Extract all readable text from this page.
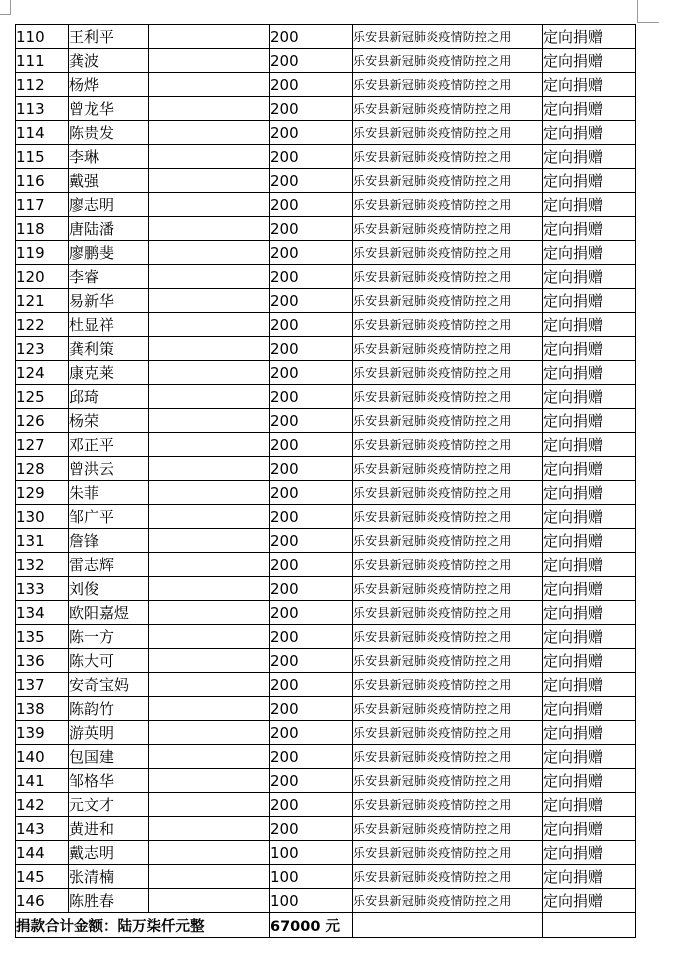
110	王利平		200	乐安县新冠肺炎疫情防控之用	定向捐赠
111	龚波		200	乐安县新冠肺炎疫情防控之用	定向捐赠
112	杨烨		200	乐安县新冠肺炎疫情防控之用	定向捐赠
113	曾龙华		200	乐安县新冠肺炎疫情防控之用	定向捐赠
114	陈贵发		200	乐安县新冠肺炎疫情防控之用	定向捐赠
115	李琳		200	乐安县新冠肺炎疫情防控之用	定向捐赠
116	戴强		200	乐安县新冠肺炎疫情防控之用	定向捐赠
117	廖志明		200	乐安县新冠肺炎疫情防控之用	定向捐赠
118	唐陆潘		200	乐安县新冠肺炎疫情防控之用	定向捐赠
119	廖鹏斐		200	乐安县新冠肺炎疫情防控之用	定向捐赠
120	李睿		200	乐安县新冠肺炎疫情防控之用	定向捐赠
121	易新华		200	乐安县新冠肺炎疫情防控之用	定向捐赠
122	杜显祥		200	乐安县新冠肺炎疫情防控之用	定向捐赠
123	龚利策		200	乐安县新冠肺炎疫情防控之用	定向捐赠
124	康克莱		200	乐安县新冠肺炎疫情防控之用	定向捐赠
125	邱琦		200	乐安县新冠肺炎疫情防控之用	定向捐赠
126	杨荣		200	乐安县新冠肺炎疫情防控之用	定向捐赠
127	邓正平		200	乐安县新冠肺炎疫情防控之用	定向捐赠
128	曾洪云		200	乐安县新冠肺炎疫情防控之用	定向捐赠
129	朱菲		200	乐安县新冠肺炎疫情防控之用	定向捐赠
130	邹广平		200	乐安县新冠肺炎疫情防控之用	定向捐赠
131	詹锋		200	乐安县新冠肺炎疫情防控之用	定向捐赠
132	雷志辉		200	乐安县新冠肺炎疫情防控之用	定向捐赠
133	刘俊		200	乐安县新冠肺炎疫情防控之用	定向捐赠
134	欧阳嘉煜		200	乐安县新冠肺炎疫情防控之用	定向捐赠
135	陈一方		200	乐安县新冠肺炎疫情防控之用	定向捐赠
136	陈大可		200	乐安县新冠肺炎疫情防控之用	定向捐赠
137	安奇宝妈		200	乐安县新冠肺炎疫情防控之用	定向捐赠
138	陈韵竹		200	乐安县新冠肺炎疫情防控之用	定向捐赠
139	游英明		200	乐安县新冠肺炎疫情防控之用	定向捐赠
140	包国建		200	乐安县新冠肺炎疫情防控之用	定向捐赠
141	邹格华		200	乐安县新冠肺炎疫情防控之用	定向捐赠
142	元文才		200	乐安县新冠肺炎疫情防控之用	定向捐赠
143	黄进和		200	乐安县新冠肺炎疫情防控之用	定向捐赠
144	戴志明		100	乐安县新冠肺炎疫情防控之用	定向捐赠
145	张清楠		100	乐安县新冠肺炎疫情防控之用	定向捐赠
146	陈胜春		100	乐安县新冠肺炎疫情防控之用	定向捐赠
捐款合计金额：陆万柒仟元整			67000 元		
